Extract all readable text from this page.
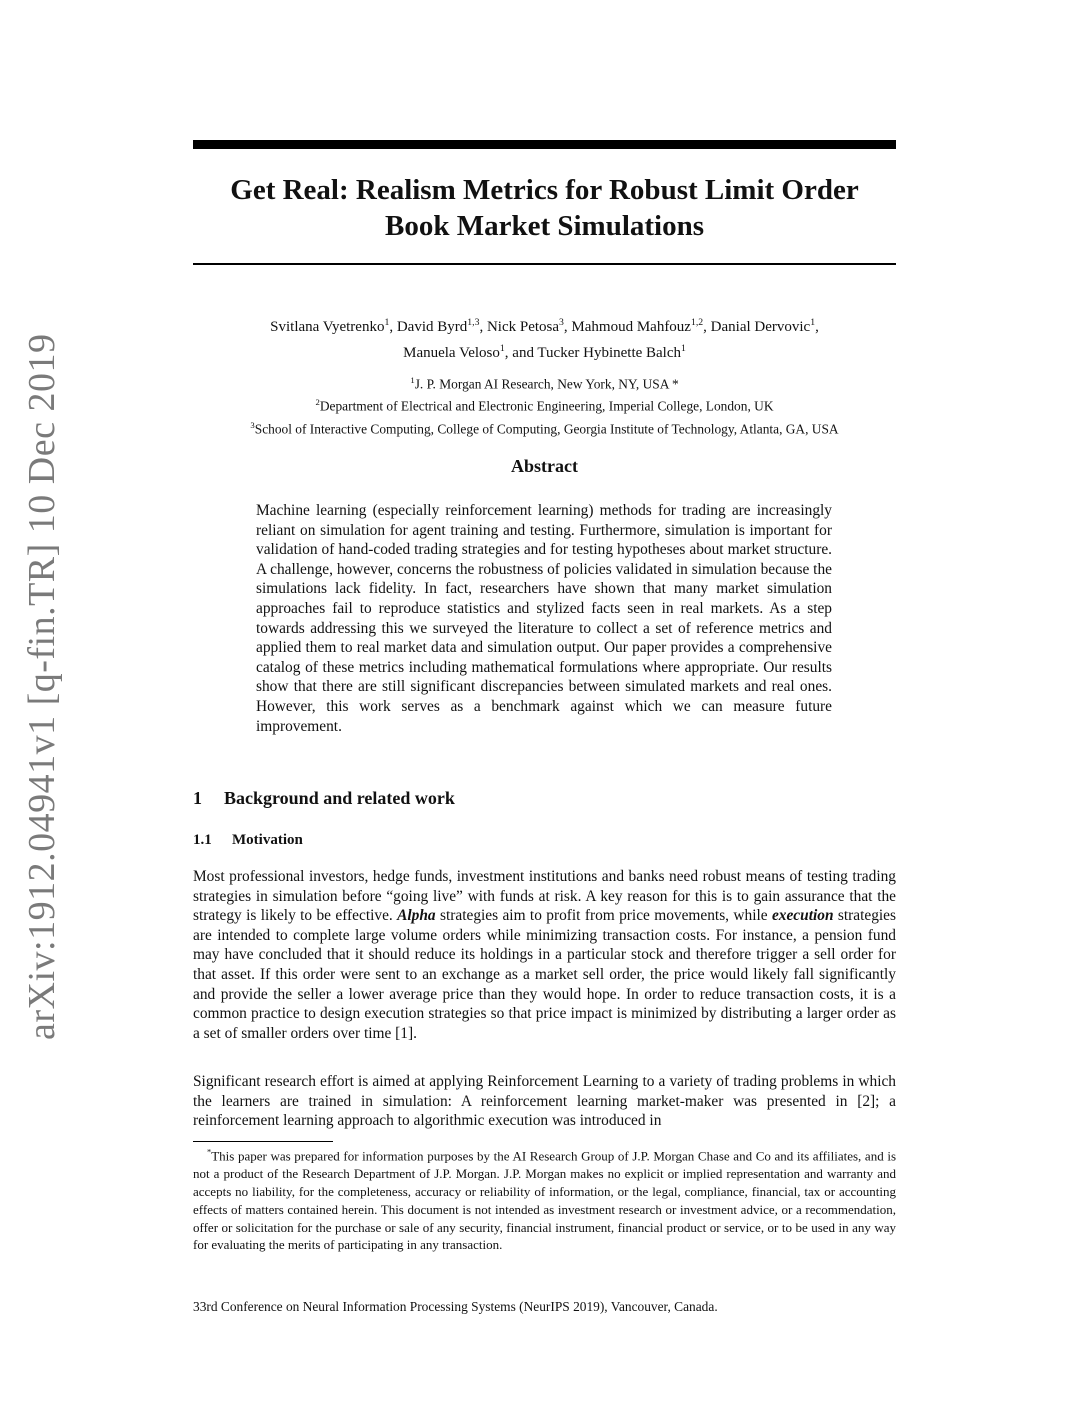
arXiv:1912.04941v1 [q-fin.TR] 10 Dec 2019
Get Real: Realism Metrics for Robust Limit Order
Book Market Simulations
Svitlana Vyetrenko$^1$, David Byrd$^{1,3}$, Nick Petosa$^3$, Mahmoud Mahfouz$^{1,2}$, Danial Dervovic$^1$,
Manuela Veloso$^1$, and Tucker Hybinette Balch$^1$
$^1$J. P. Morgan AI Research, New York, NY, USA *
$^2$Department of Electrical and Electronic Engineering, Imperial College, London, UK
$^3$School of Interactive Computing, College of Computing, Georgia Institute of Technology, Atlanta, GA, USA
Abstract
Machine learning (especially reinforcement learning) methods for trading are increasingly reliant on simulation for agent training and testing. Furthermore, simulation is important for validation of hand-coded trading strategies and for testing hypotheses about market structure. A challenge, however, concerns the robustness of policies validated in simulation because the simulations lack fidelity. In fact, researchers have shown that many market simulation approaches fail to reproduce statistics and stylized facts seen in real markets. As a step towards addressing this we surveyed the literature to collect a set of reference metrics and applied them to real market data and simulation output. Our paper provides a comprehensive catalog of these metrics including mathematical formulations where appropriate. Our results show that there are still significant discrepancies between simulated markets and real ones. However, this work serves as a benchmark against which we can measure future improvement.
1 Background and related work
1.1 Motivation
Most professional investors, hedge funds, investment institutions and banks need robust means of testing trading strategies in simulation before “going live” with funds at risk. A key reason for this is to gain assurance that the strategy is likely to be effective. Alpha strategies aim to profit from price movements, while execution strategies are intended to complete large volume orders while minimizing transaction costs. For instance, a pension fund may have concluded that it should reduce its holdings in a particular stock and therefore trigger a sell order for that asset. If this order were sent to an exchange as a market sell order, the price would likely fall significantly and provide the seller a lower average price than they would hope. In order to reduce transaction costs, it is a common practice to design execution strategies so that price impact is minimized by distributing a larger order as a set of smaller orders over time [1].
Significant research effort is aimed at applying Reinforcement Learning to a variety of trading problems in which the learners are trained in simulation: A reinforcement learning market-maker was presented in [2]; a reinforcement learning approach to algorithmic execution was introduced in
*This paper was prepared for information purposes by the AI Research Group of J.P. Morgan Chase and Co and its affiliates, and is not a product of the Research Department of J.P. Morgan. J.P. Morgan makes no explicit or implied representation and warranty and accepts no liability, for the completeness, accuracy or reliability of information, or the legal, compliance, financial, tax or accounting effects of matters contained herein. This document is not intended as investment research or investment advice, or a recommendation, offer or solicitation for the purchase or sale of any security, financial instrument, financial product or service, or to be used in any way for evaluating the merits of participating in any transaction.
33rd Conference on Neural Information Processing Systems (NeurIPS 2019), Vancouver, Canada.
